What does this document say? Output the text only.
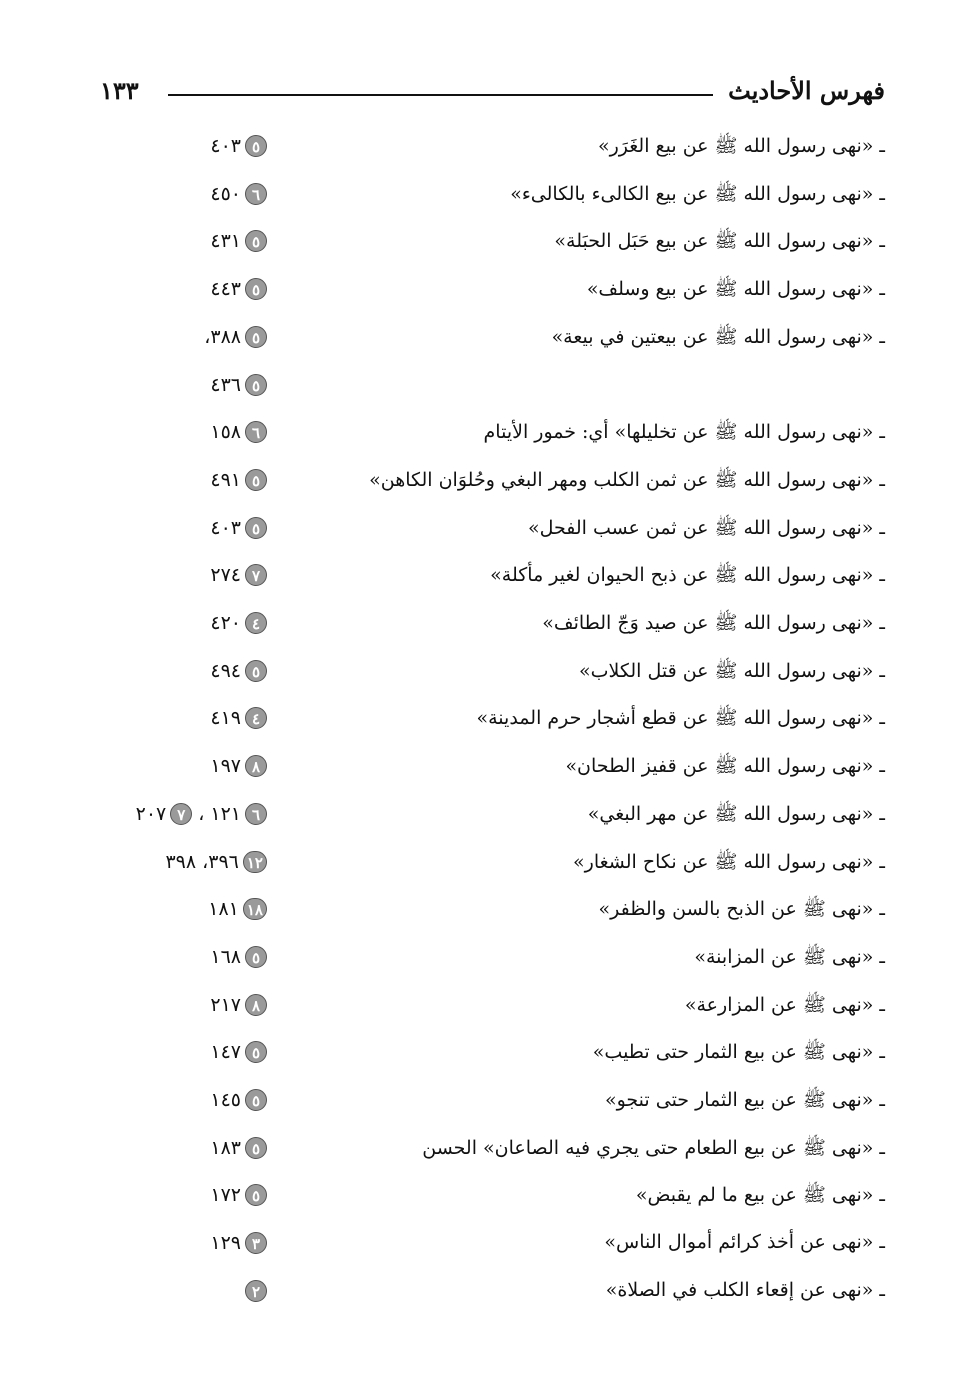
فهرس الأحاديث
١٣٣
ـ «نهى رسول الله ﷺ عن بيع الغَرَر»
٥٤٠٣
ـ «نهى رسول الله ﷺ عن بيع الكالىء بالكالىء»
٦٤٥٠
ـ «نهى رسول الله ﷺ عن بيع حَبَل الحبَلة»
٥٤٣١
ـ «نهى رسول الله ﷺ عن بيع وسلف»
٥٤٤٣
ـ «نهى رسول الله ﷺ عن بيعتين في بيعة»
٥٣٨٨،
٥٤٣٦
ـ «نهى رسول الله ﷺ عن تخليلها» أي: خمور الأيتام
٦١٥٨
ـ «نهى رسول الله ﷺ عن ثمن الكلب ومهر البغي وحُلوَان الكاهن»
٥٤٩١
ـ «نهى رسول الله ﷺ عن ثمن عسب الفحل»
٥٤٠٣
ـ «نهى رسول الله ﷺ عن ذبح الحيوان لغير مأكلة»
٧٢٧٤
ـ «نهى رسول الله ﷺ عن صيد وَجّ الطائف»
٤٤٢٠
ـ «نهى رسول الله ﷺ عن قتل الكلاب»
٥٤٩٤
ـ «نهى رسول الله ﷺ عن قطع أشجار حرم المدينة»
٤٤١٩
ـ «نهى رسول الله ﷺ عن قفيز الطحان»
٨١٩٧
ـ «نهى رسول الله ﷺ عن مهر البغي»
٦١٢١،٧٢٠٧
ـ «نهى رسول الله ﷺ عن نكاح الشغار»
١٢٣٩٦، ٣٩٨
ـ «نهى ﷺ عن الذبح بالسن والظفر»
١٨١٨١
ـ «نهى ﷺ عن المزابنة»
٥١٦٨
ـ «نهى ﷺ عن المزارعة»
٨٢١٧
ـ «نهى ﷺ عن بيع الثمار حتى تطيب»
٥١٤٧
ـ «نهى ﷺ عن بيع الثمار حتى تنجو»
٥١٤٥
ـ «نهى ﷺ عن بيع الطعام حتى يجري فيه الصاعان» الحسن
٥١٨٣
ـ «نهى ﷺ عن بيع ما لم يقبض»
٥١٧٢
ـ «نهى عن أخذ كرائم أموال الناس»
٣١٢٩
ـ «نهى عن إقعاء الكلب في الصلاة»
٢
